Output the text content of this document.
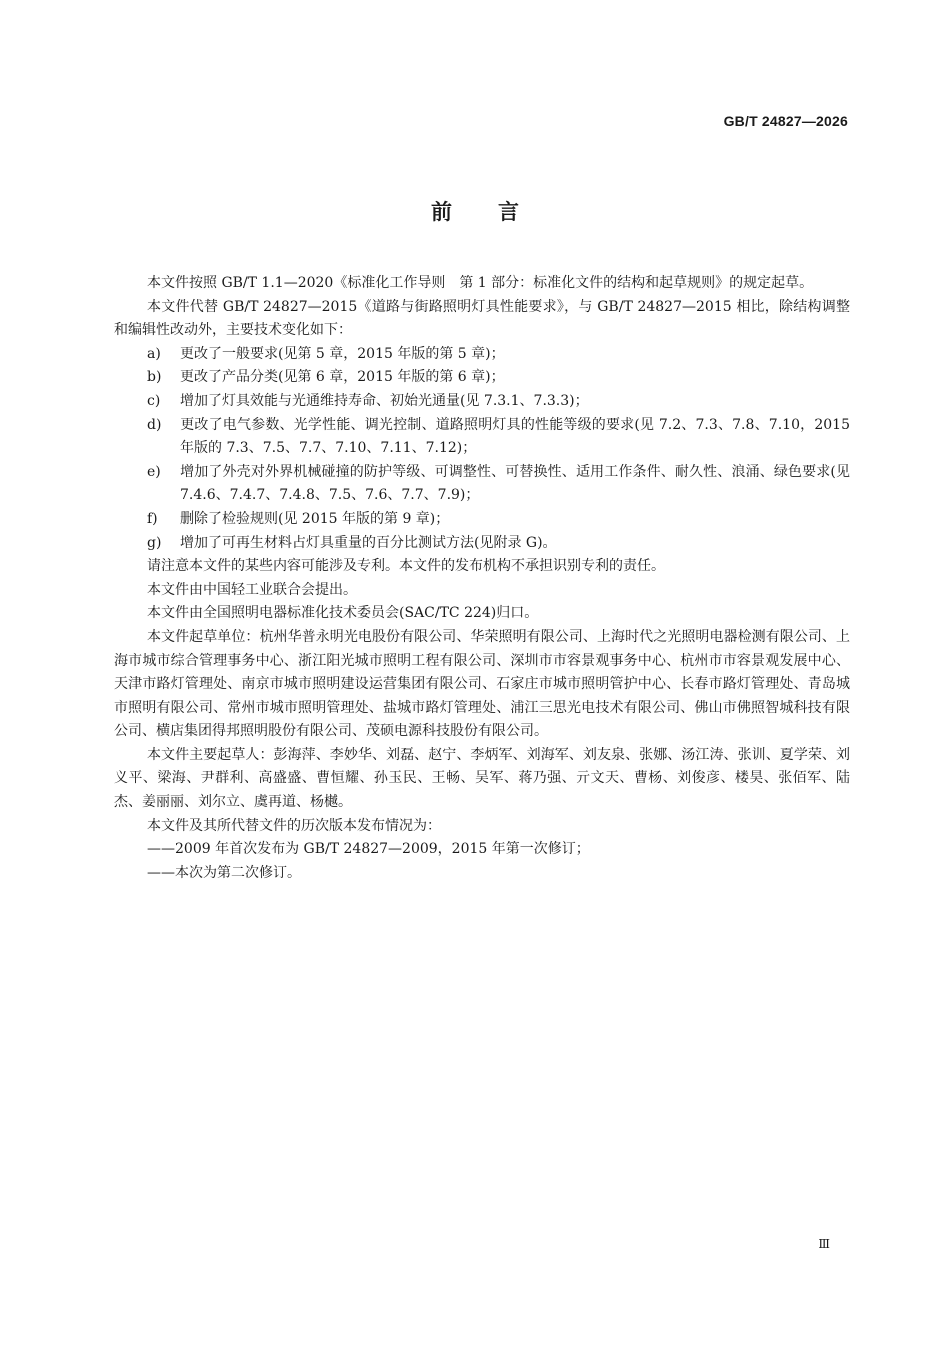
GB/T 24827—2026
前言

本文件按照 GB/T 1.1—2020《标准化工作导则　第 1 部分：标准化文件的结构和起草规则》的规定起草。

本文件代替 GB/T 24827—2015《道路与街路照明灯具性能要求》，与 GB/T 24827—2015 相比，除结构调整和编辑性改动外，主要技术变化如下：

a) 更改了一般要求(见第 5 章，2015 年版的第 5 章)；

b) 更改了产品分类(见第 6 章，2015 年版的第 6 章)；

c) 增加了灯具效能与光通维持寿命、初始光通量(见 7.3.1、7.3.3)；

d) 更改了电气参数、光学性能、调光控制、道路照明灯具的性能等级的要求(见 7.2、7.3、7.8、7.10，2015 年版的 7.3、7.5、7.7、7.10、7.11、7.12)；

e) 增加了外壳对外界机械碰撞的防护等级、可调整性、可替换性、适用工作条件、耐久性、浪涌、绿色要求(见 7.4.6、7.4.7、7.4.8、7.5、7.6、7.7、7.9)；

f) 删除了检验规则(见 2015 年版的第 9 章)；

g) 增加了可再生材料占灯具重量的百分比测试方法(见附录 G)。

请注意本文件的某些内容可能涉及专利。本文件的发布机构不承担识别专利的责任。

本文件由中国轻工业联合会提出。

本文件由全国照明电器标准化技术委员会(SAC/TC 224)归口。

本文件起草单位：杭州华普永明光电股份有限公司、华荣照明有限公司、上海时代之光照明电器检测有限公司、上海市城市综合管理事务中心、浙江阳光城市照明工程有限公司、深圳市市容景观事务中心、杭州市市容景观发展中心、天津市路灯管理处、南京市城市照明建设运营集团有限公司、石家庄市城市照明管护中心、长春市路灯管理处、青岛城市照明有限公司、常州市城市照明管理处、盐城市路灯管理处、浦江三思光电技术有限公司、佛山市佛照智城科技有限公司、横店集团得邦照明股份有限公司、茂硕电源科技股份有限公司。

本文件主要起草人：彭海萍、李妙华、刘磊、赵宁、李炳军、刘海军、刘友泉、张娜、汤江涛、张训、夏学荣、刘义平、梁海、尹群利、高盛盛、曹恒耀、孙玉民、王畅、吴军、蒋乃强、亓文天、曹杨、刘俊彦、楼昊、张佰军、陆杰、姜丽丽、刘尔立、虞再道、杨樾。

本文件及其所代替文件的历次版本发布情况为：

——2009 年首次发布为 GB/T 24827—2009，2015 年第一次修订；

——本次为第二次修订。

Ⅲ
